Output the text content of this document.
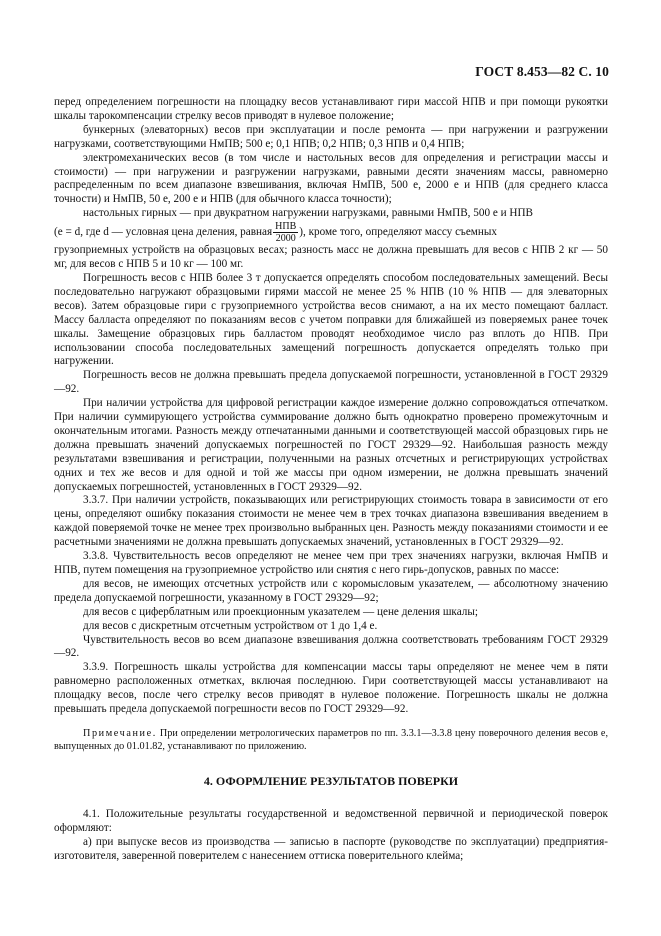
ГОСТ 8.453—82 С. 10

перед определением погрешности на площадку весов устанавливают гири массой НПВ и при помощи рукоятки шкалы тарокомпенсации стрелку весов приводят в нулевое положение;

бункерных (элеваторных) весов при эксплуатации и после ремонта — при нагружении и разгружении нагрузками, соответствующими НмПВ; 500 e; 0,1 НПВ; 0,2 НПВ; 0,3 НПВ и 0,4 НПВ;

электромеханических весов (в том числе и настольных весов для определения и регистрации массы и стоимости) — при нагружении и разгружении нагрузками, равными десяти значениям массы, равномерно распределенным по всем диапазоне взвешивания, включая НмПВ, 500 e, 2000 e и НПВ (для среднего класса точности) и НмПВ, 50 e, 200 e и НПВ (для обычного класса точности);

настольных гирных — при двукратном нагружении нагрузками, равными НмПВ, 500 e и НПВ

(e = d, где d — условная цена деления, равная $\frac{\text{НПВ}}{2000}$ ), кроме того, определяют массу съемных

грузоприемных устройств на образцовых весах; разность масс не должна превышать для весов с НПВ 2 кг — 50 мг, для весов с НПВ 5 и 10 кг — 100 мг.

Погрешность весов с НПВ более 3 т допускается определять способом последовательных замещений. Весы последовательно нагружают образцовыми гирями массой не менее 25 % НПВ (10 % НПВ — для элеваторных весов). Затем образцовые гири с грузоприемного устройства весов снимают, а на их место помещают балласт. Массу балласта определяют по показаниям весов с учетом поправки для ближайшей из поверяемых ранее точек шкалы. Замещение образцовых гирь балластом проводят необходимое число раз вплоть до НПВ. При использовании способа последовательных замещений погрешность допускается определять только при нагружении.

Погрешность весов не должна превышать предела допускаемой погрешности, установленной в ГОСТ 29329—92.

При наличии устройства для цифровой регистрации каждое измерение должно сопровождаться отпечатком. При наличии суммирующего устройства суммирование должно быть однократно проверено промежуточным и окончательным итогами. Разность между отпечатанными данными и соответствующей массой образцовых гирь не должна превышать значений допускаемых погрешностей по ГОСТ 29329—92. Наибольшая разность между результатами взвешивания и регистрации, полученными на разных отсчетных и регистрирующих устройствах одних и тех же весов и для одной и той же массы при одном измерении, не должна превышать значений допускаемых погрешностей, установленных в ГОСТ 29329—92.

3.3.7. При наличии устройств, показывающих или регистрирующих стоимость товара в зависимости от его цены, определяют ошибку показания стоимости не менее чем в трех точках диапазона взвешивания введением в каждой поверяемой точке не менее трех произвольно выбранных цен. Разность между показаниями стоимости и ее расчетными значениями не должна превышать допускаемых значений, установленных в ГОСТ 29329—92.

3.3.8. Чувствительность весов определяют не менее чем при трех значениях нагрузки, включая НмПВ и НПВ, путем помещения на грузоприемное устройство или снятия с него гирь-допусков, равных по массе:

для весов, не имеющих отсчетных устройств или с коромысловым указателем, — абсолютному значению предела допускаемой погрешности, указанному в ГОСТ 29329—92;

для весов с циферблатным или проекционным указателем — цене деления шкалы;

для весов с дискретным отсчетным устройством от 1 до 1,4 e.

Чувствительность весов во всем диапазоне взвешивания должна соответствовать требованиям ГОСТ 29329—92.

3.3.9. Погрешность шкалы устройства для компенсации массы тары определяют не менее чем в пяти равномерно расположенных отметках, включая последнюю. Гири соответствующей массы устанавливают на площадку весов, после чего стрелку весов приводят в нулевое положение. Погрешность шкалы не должна превышать предела допускаемой погрешности весов по ГОСТ 29329—92.

Примечание. При определении метрологических параметров по пп. 3.3.1—3.3.8 цену поверочного деления весов e, выпущенных до 01.01.82, устанавливают по приложению.

4. ОФОРМЛЕНИЕ РЕЗУЛЬТАТОВ ПОВЕРКИ

4.1. Положительные результаты государственной и ведомственной первичной и периодической поверок оформляют:

а) при выпуске весов из производства — записью в паспорте (руководстве по эксплуатации) предприятия-изготовителя, заверенной поверителем с нанесением оттиска поверительного клейма;
